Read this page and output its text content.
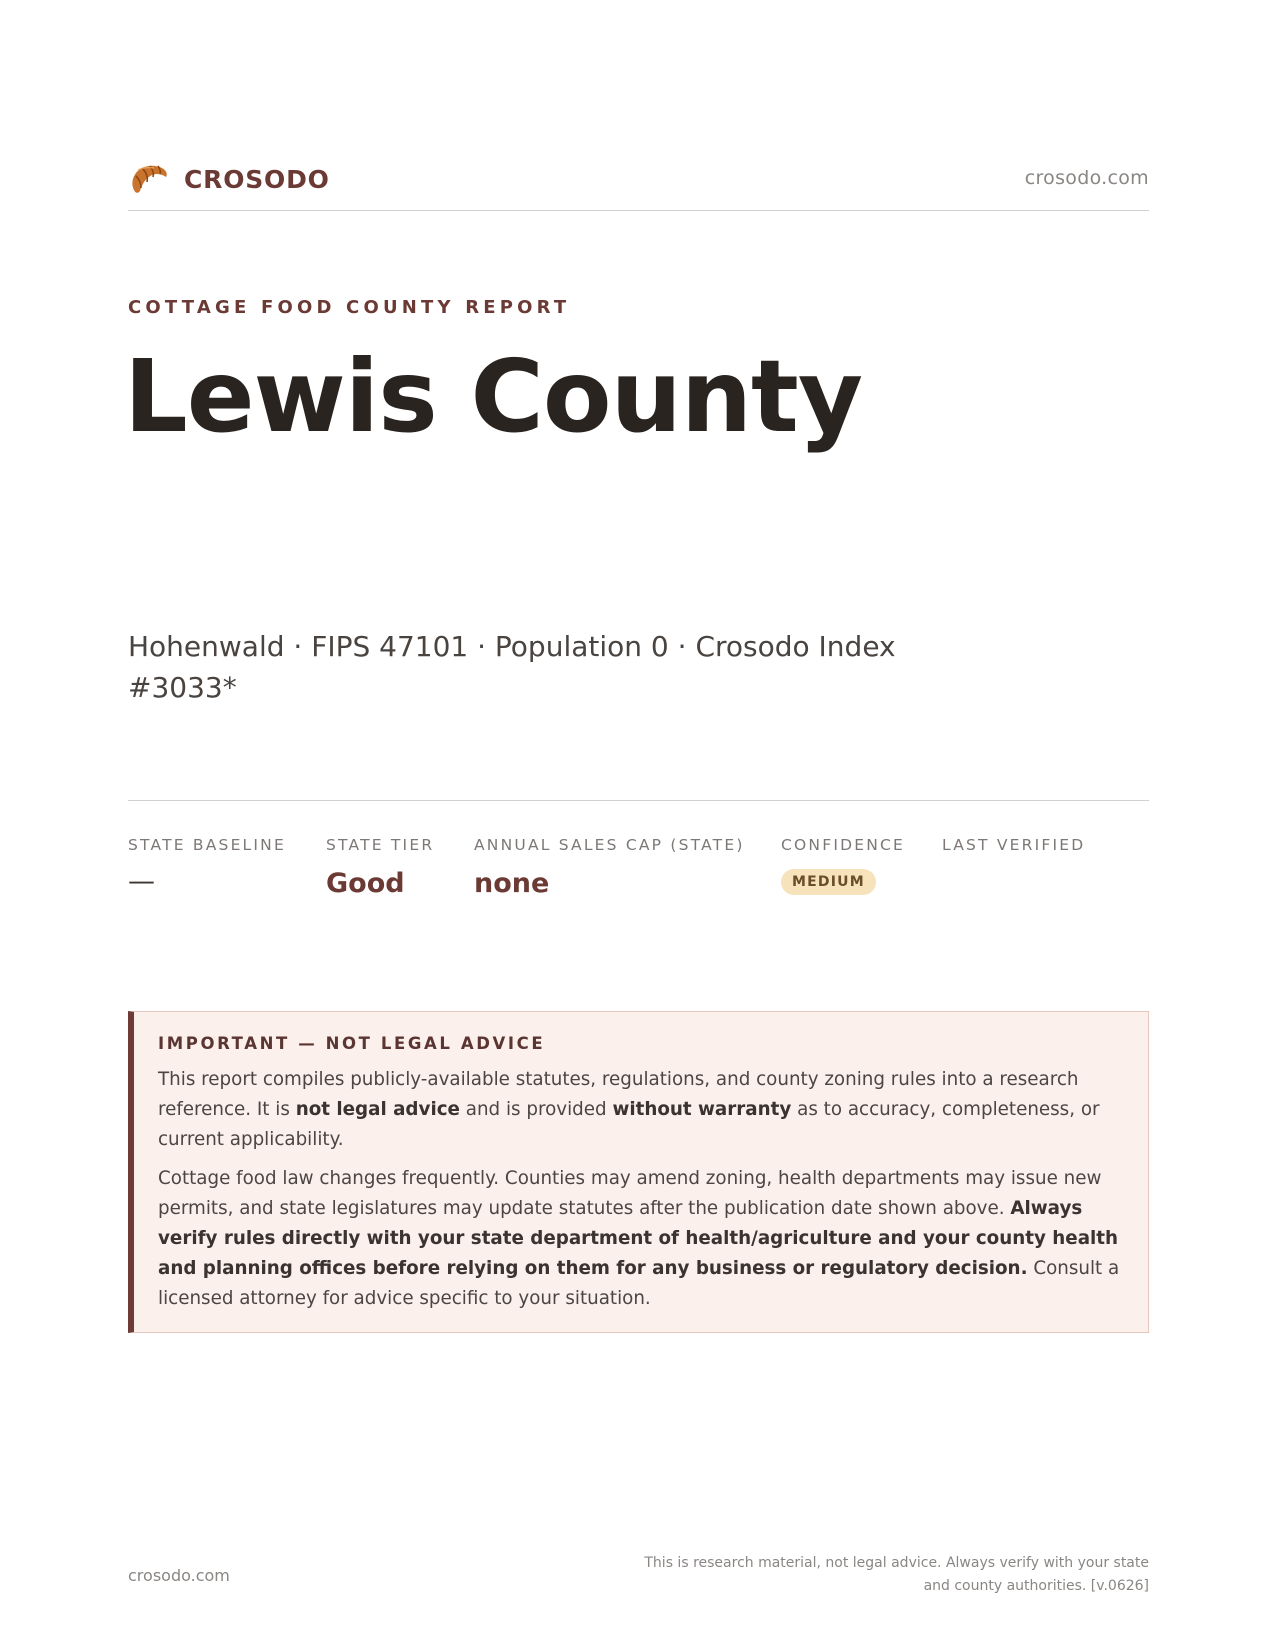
CROSODO	crosodo.com
COTTAGE FOOD COUNTY REPORT
Lewis County
Hohenwald · FIPS 47101 · Population 0 · Crosodo Index #3033*
STATE BASELINE
—
STATE TIER
Good
ANNUAL SALES CAP (STATE)
none
CONFIDENCE
MEDIUM
LAST VERIFIED
IMPORTANT — NOT LEGAL ADVICE

This report compiles publicly-available statutes, regulations, and county zoning rules into a research reference. It is not legal advice and is provided without warranty as to accuracy, completeness, or current applicability.

Cottage food law changes frequently. Counties may amend zoning, health departments may issue new permits, and state legislatures may update statutes after the publication date shown above. Always verify rules directly with your state department of health/agriculture and your county health and planning offices before relying on them for any business or regulatory decision. Consult a licensed attorney for advice specific to your situation.

crosodo.com
This is research material, not legal advice. Always verify with your state
and county authorities. [v.0626]
